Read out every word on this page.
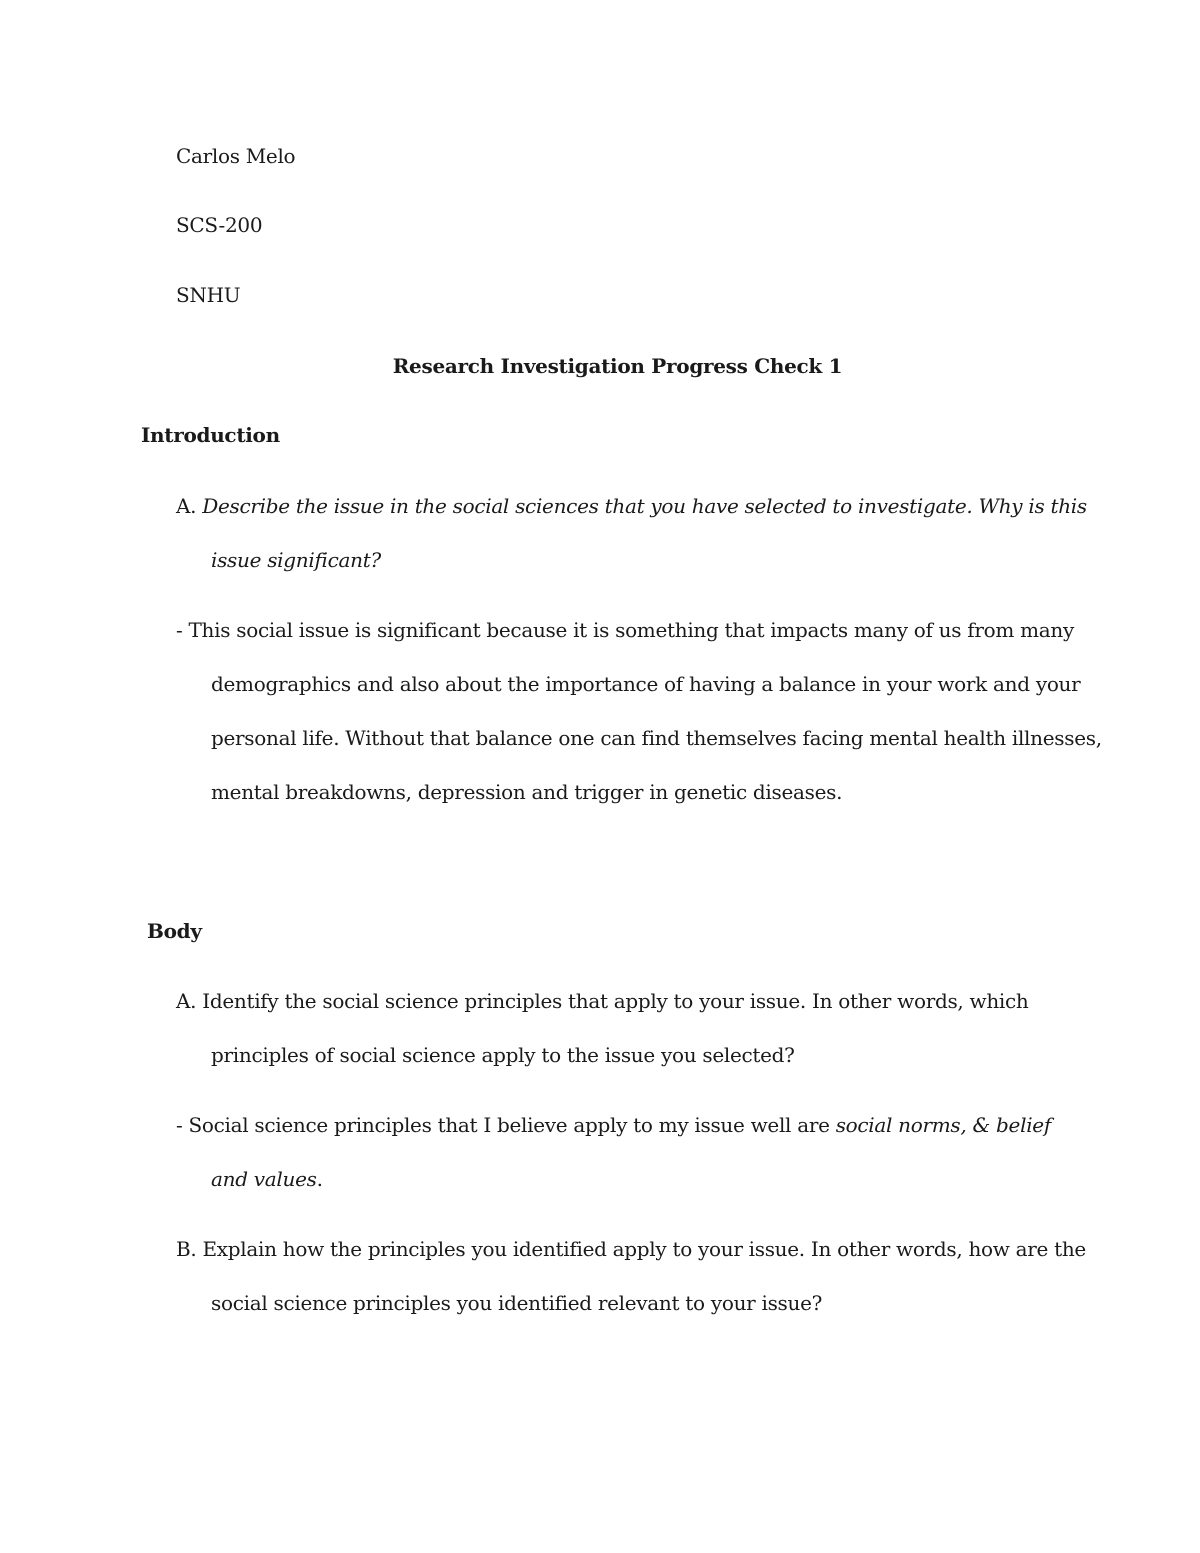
Carlos Melo
SCS-200
SNHU
Research Investigation Progress Check 1
Introduction
A. Describe the issue in the social sciences that you have selected to investigate. Why is this
issue significant?
- This social issue is significant because it is something that impacts many of us from many
demographics and also about the importance of having a balance in your work and your
personal life. Without that balance one can find themselves facing mental health illnesses,
mental breakdowns, depression and trigger in genetic diseases.
Body
A. Identify the social science principles that apply to your issue. In other words, which
principles of social science apply to the issue you selected?
- Social science principles that I believe apply to my issue well are social norms, & belief
and values.
B. Explain how the principles you identified apply to your issue. In other words, how are the
social science principles you identified relevant to your issue?
